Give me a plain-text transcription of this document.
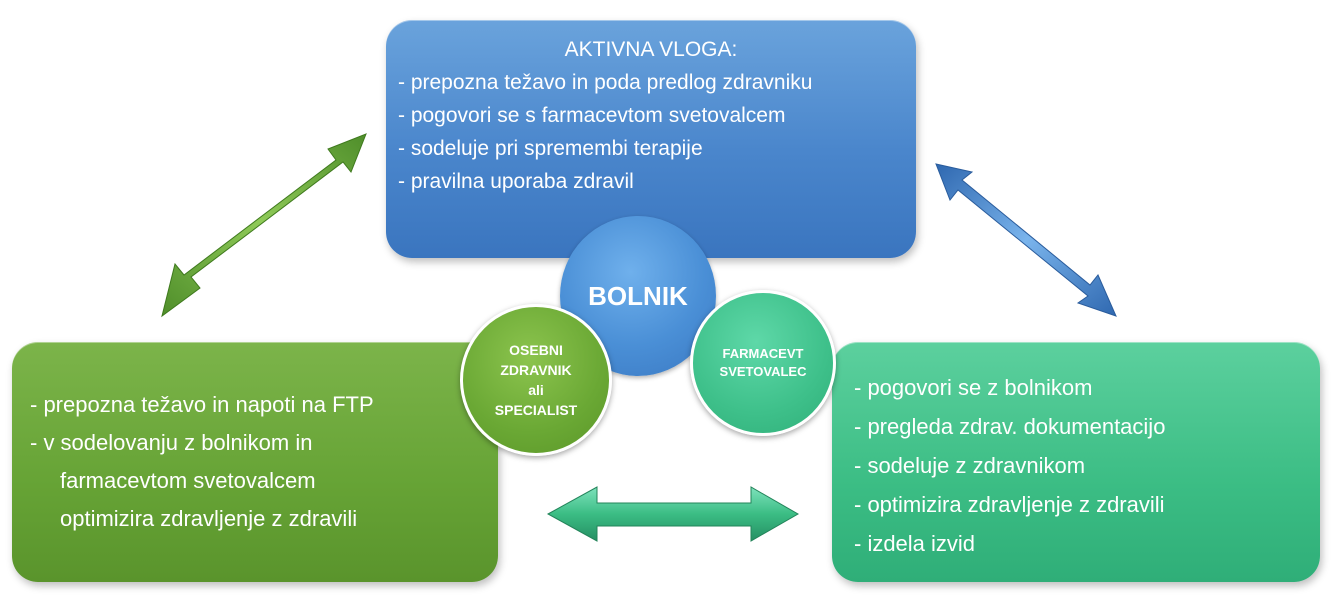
AKTIVNA VLOGA:
- prepozna težavo in poda predlog zdravniku
- pogovori se s farmacevtom svetovalcem
- sodeluje pri spremembi terapije
- pravilna uporaba zdravil
- prepozna težavo in napoti na FTP
- v sodelovanju z bolnikom in
farmacevtom svetovalcem
optimizira zdravljenje z zdravili
- pogovori se z bolnikom
- pregleda zdrav. dokumentacijo
- sodeluje z zdravnikom
- optimizira zdravljenje z zdravili
- izdela izvid
BOLNIK
OSEBNI
ZDRAVNIK
ali
SPECIALIST
FARMACEVT
SVETOVALEC
